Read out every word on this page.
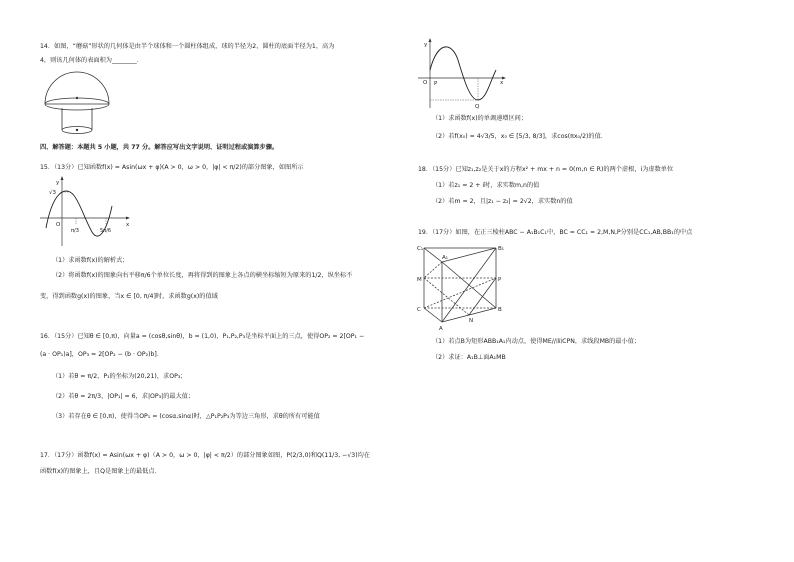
14．如图，“蘑菇”形状的几何体是由半个球体和一个圆柱体组成，球的半径为2，圆柱的底面半径为1，高为
4，则该几何体的表面积为________．
四、解答题：本题共 5 小题，共 77 分。解答应写出文字说明、证明过程或演算步骤。
15．（13分）已知函数f(x) = Asin(ωx + φ)(A > 0，ω > 0，|φ| < π/2)的部分图象，如图所示
y
x
O
√3
π/3	5π/6
（1）求函数f(x)的解析式；
（2）将函数f(x)的图象向右平移π/6个单位长度，再将得到的图象上各点的横坐标缩短为原来的1/2，纵坐标不
变，得到函数g(x)的图象，当x ∈ [0, π/4]时，求函数g(x)的值域
16．（15分）已知θ ∈ [0,π)，向量a = (cosθ,sinθ)，b = (1,0)，P₁,P₂,P₃是坐标平面上的三点，使得OP₂ = 2[OP₁ −
(a · OP₁)a]，OP₃ = 2[OP₂ − (b · OP₂)b]．
（1）若θ = π/2，P₁的坐标为(20,21)，求OP₃；
（2）若θ = 2π/3，|OP₁| = 6，求|OP₃|的最大值；
（3）若存在θ ∈ [0,π)，使得当OP₁ = (cosα,sinα)时，△P₁P₂P₃为等边三角形，求θ的所有可能值
17．（17分）函数f(x) = Asin(ωx + φ)（A > 0，ω > 0，|φ| < π/2）的部分图象如图，P(2/3,0)和Q(11/3, −√3)均在
函数f(x)的图象上，且Q是图象上的最低点．
y
x
O P
Q
（1）求函数f(x)的单调递增区间；
（2）若f(x₀) = 4√3/5，x₀ ∈ [5/3, 8/3]，求cos(πx₀/2)的值．
18．（15分）已知z₁,z₂是关于x的方程x² + mx + n = 0(m,n ∈ R)的两个虚根，i为虚数单位
（1）若z₁ = 2 + i时，求实数m,n的值
（2）若m = 2，且|z₁ − z₂| = 2√2，求实数n的值
19．（17分）如图，在正三棱柱ABC − A₁B₁C₁中，BC = CC₁ = 2,M,N,P分别是CC₁,AB,BB₁的中点
C₁	B₁
A₁
M	P
C	B
N
A
（1）若点B为矩形ABB₁A₁内动点，使得ME//面CPN，求线段MB的最小值；
（2）求证：A₁B⊥面A₁MB
